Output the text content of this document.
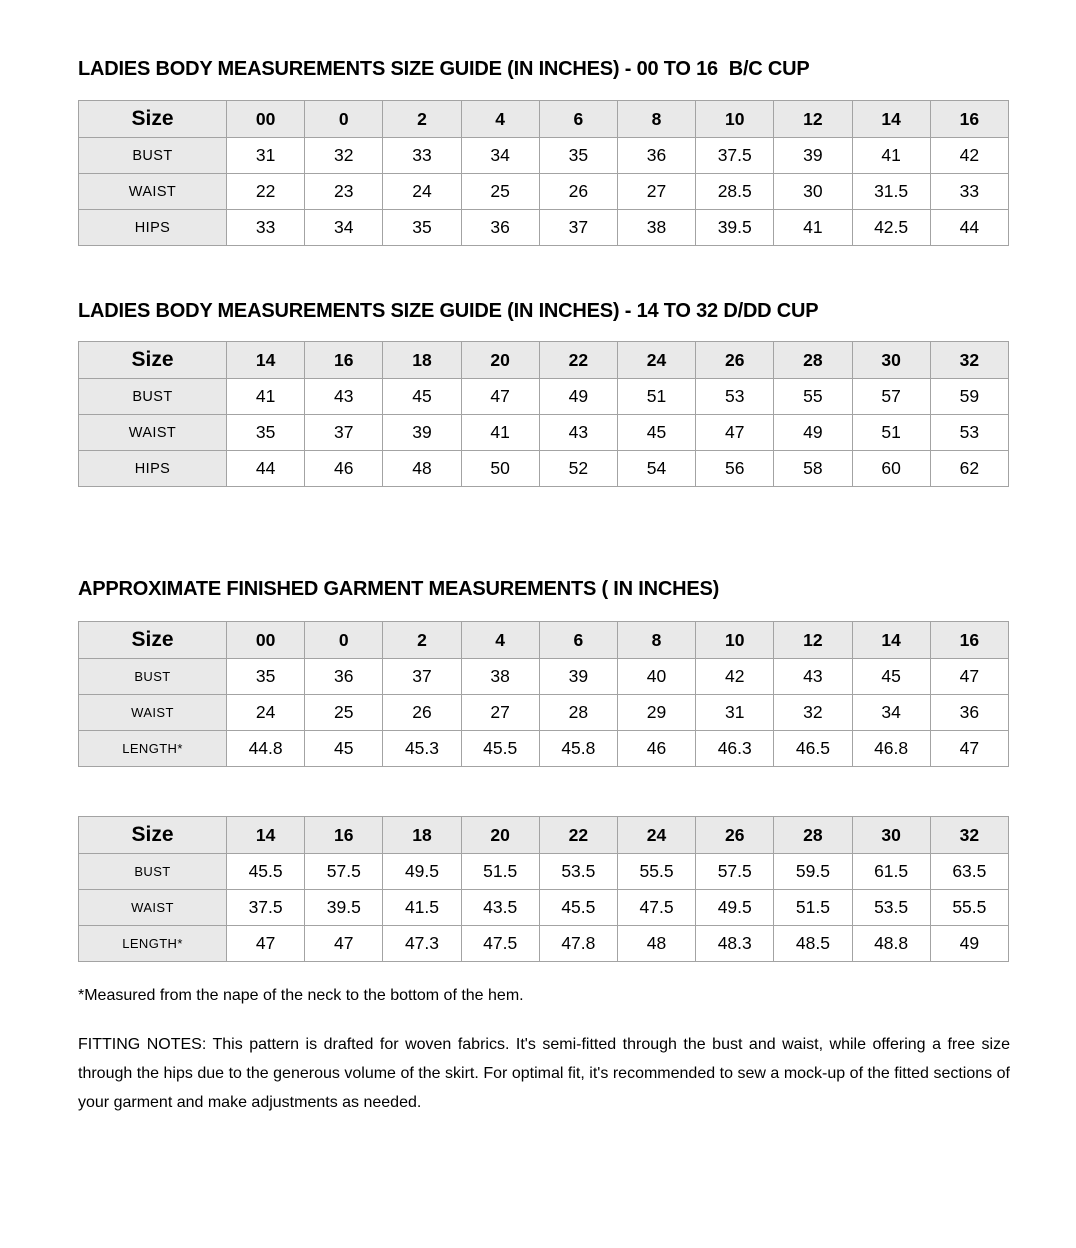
LADIES BODY MEASUREMENTS SIZE GUIDE (IN INCHES) - 00 TO 16  B/C CUP
Size	00	0	2	4	6	8	10	12	14	16
BUST	31	32	33	34	35	36	37.5	39	41	42
WAIST	22	23	24	25	26	27	28.5	30	31.5	33
HIPS	33	34	35	36	37	38	39.5	41	42.5	44
LADIES BODY MEASUREMENTS SIZE GUIDE (IN INCHES) - 14 TO 32 D/DD CUP
Size	14	16	18	20	22	24	26	28	30	32
BUST	41	43	45	47	49	51	53	55	57	59
WAIST	35	37	39	41	43	45	47	49	51	53
HIPS	44	46	48	50	52	54	56	58	60	62
APPROXIMATE FINISHED GARMENT MEASUREMENTS ( IN INCHES)
Size	00	0	2	4	6	8	10	12	14	16
BUST	35	36	37	38	39	40	42	43	45	47
WAIST	24	25	26	27	28	29	31	32	34	36
LENGTH*	44.8	45	45.3	45.5	45.8	46	46.3	46.5	46.8	47
Size	14	16	18	20	22	24	26	28	30	32
BUST	45.5	57.5	49.5	51.5	53.5	55.5	57.5	59.5	61.5	63.5
WAIST	37.5	39.5	41.5	43.5	45.5	47.5	49.5	51.5	53.5	55.5
LENGTH*	47	47	47.3	47.5	47.8	48	48.3	48.5	48.8	49

*Measured from the nape of the neck to the bottom of the hem.

FITTING NOTES: This pattern is drafted for woven fabrics. It's semi-fitted through the bust and waist, while offering a free size through the hips due to the generous volume of the skirt. For optimal fit, it's recommended to sew a mock-up of the fitted sections of your garment and make adjustments as needed.
